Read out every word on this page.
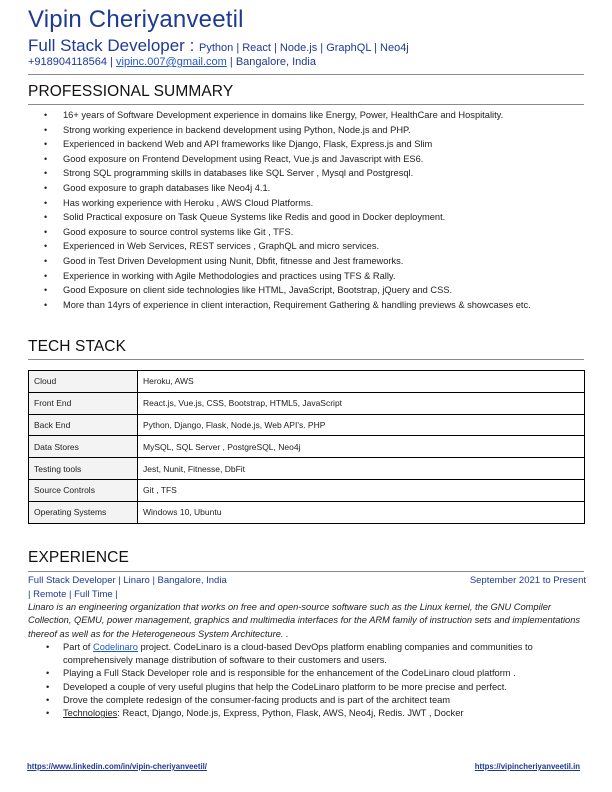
Vipin Cheriyanveetil
Full Stack Developer : Python | React | Node.js | GraphQL | Neo4j
+918904118564 | vipinc.007@gmail.com | Bangalore, India
PROFESSIONAL SUMMARY
• 16+ years of Software Development experience in domains like Energy, Power, HealthCare and Hospitality.
• Strong working experience in backend development using Python, Node.js and PHP.
• Experienced in backend Web and API frameworks like Django, Flask, Express.js and Slim
• Good exposure on Frontend Development using React, Vue.js and Javascript with ES6.
• Strong SQL programming skills in databases like SQL Server , Mysql and Postgresql.
• Good exposure to graph databases like Neo4j 4.1.
• Has working experience with Heroku , AWS Cloud Platforms.
• Solid Practical exposure on Task Queue Systems like Redis and good in Docker deployment.
• Good exposure to source control systems like Git , TFS.
• Experienced in Web Services, REST services , GraphQL and micro services.
• Good in Test Driven Development using Nunit, Dbfit, fitnesse and Jest frameworks.
• Experience in working with Agile Methodologies and practices using TFS & Rally.
• Good Exposure on client side technologies like HTML, JavaScript, Bootstrap, jQuery and CSS.
• More than 14yrs of experience in client interaction, Requirement Gathering & handling previews & showcases etc.
TECH STACK
Cloud	Heroku, AWS
Front End	React.js, Vue.js, CSS, Bootstrap, HTML5, JavaScript
Back End	Python, Django, Flask, Node.js, Web API's. PHP
Data Stores	MySQL, SQL Server , PostgreSQL, Neo4j
Testing tools	Jest, Nunit, Fitnesse, DbFit
Source Controls	Git , TFS
Operating Systems	Windows 10, Ubuntu
EXPERIENCE
Full Stack Developer | Linaro | Bangalore, India	September 2021 to Present
| Remote | Full Time |
Linaro is an engineering organization that works on free and open-source software such as the Linux kernel, the GNU Compiler Collection, QEMU, power management, graphics and multimedia interfaces for the ARM family of instruction sets and implementations thereof as well as for the Heterogeneous System Architecture. .
• Part of Codelinaro project. CodeLinaro is a cloud-based DevOps platform enabling companies and communities to comprehensively manage distribution of software to their customers and users.
• Playing a Full Stack Developer role and is responsible for the enhancement of the CodeLinaro cloud platform .
• Developed a couple of very useful plugins that help the CodeLinaro platform to be more precise and perfect.
• Drove the complete redesign of the consumer-facing products and is part of the architect team
• Technologies: React, Django, Node.js, Express, Python, Flask, AWS, Neo4j, Redis. JWT , Docker
https://www.linkedin.com/in/vipin-cheriyanveetil/	https://vipincheriyanveetil.in
